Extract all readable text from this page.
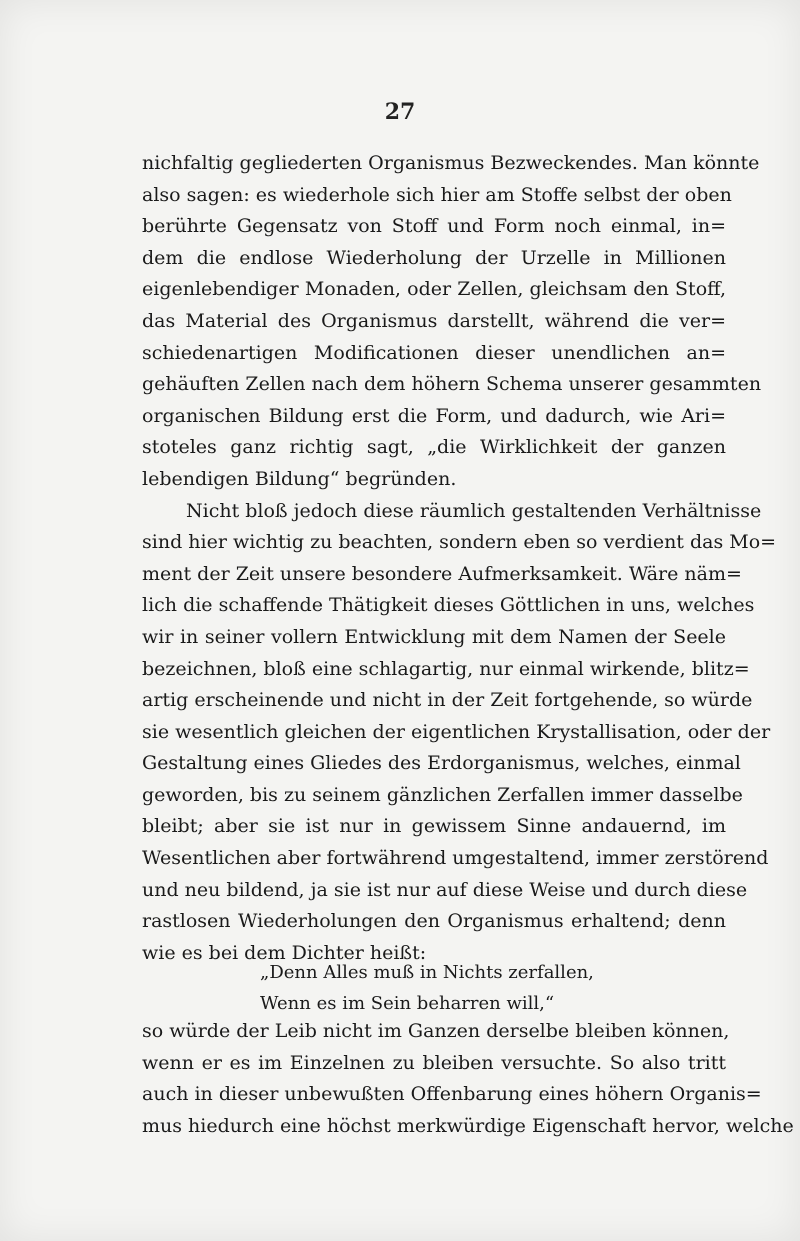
27
nichfaltig gegliederten Organismus Bezweckendes. Man könnte
also sagen: es wiederhole sich hier am Stoffe selbst der oben
berührte Gegensatz von Stoff und Form noch einmal, in=
dem die endlose Wiederholung der Urzelle in Millionen
eigenlebendiger Monaden, oder Zellen, gleichsam den Stoff,
das Material des Organismus darstellt, während die ver=
schiedenartigen Modificationen dieser unendlichen an=
gehäuften Zellen nach dem höhern Schema unserer gesammten
organischen Bildung erst die Form, und dadurch, wie Ari=
stoteles ganz richtig sagt, „die Wirklichkeit der ganzen
lebendigen Bildung“ begründen.
Nicht bloß jedoch diese räumlich gestaltenden Verhältnisse
sind hier wichtig zu beachten, sondern eben so verdient das Mo=
ment der Zeit unsere besondere Aufmerksamkeit. Wäre näm=
lich die schaffende Thätigkeit dieses Göttlichen in uns, welches
wir in seiner vollern Entwicklung mit dem Namen der Seele
bezeichnen, bloß eine schlagartig, nur einmal wirkende, blitz=
artig erscheinende und nicht in der Zeit fortgehende, so würde
sie wesentlich gleichen der eigentlichen Krystallisation, oder der
Gestaltung eines Gliedes des Erdorganismus, welches, einmal
geworden, bis zu seinem gänzlichen Zerfallen immer dasselbe
bleibt; aber sie ist nur in gewissem Sinne andauernd, im
Wesentlichen aber fortwährend umgestaltend, immer zerstörend
und neu bildend, ja sie ist nur auf diese Weise und durch diese
rastlosen Wiederholungen den Organismus erhaltend; denn
wie es bei dem Dichter heißt:
„Denn Alles muß in Nichts zerfallen,
Wenn es im Sein beharren will,“
so würde der Leib nicht im Ganzen derselbe bleiben können,
wenn er es im Einzelnen zu bleiben versuchte. So also tritt
auch in dieser unbewußten Offenbarung eines höhern Organis=
mus hiedurch eine höchst merkwürdige Eigenschaft hervor, welche
